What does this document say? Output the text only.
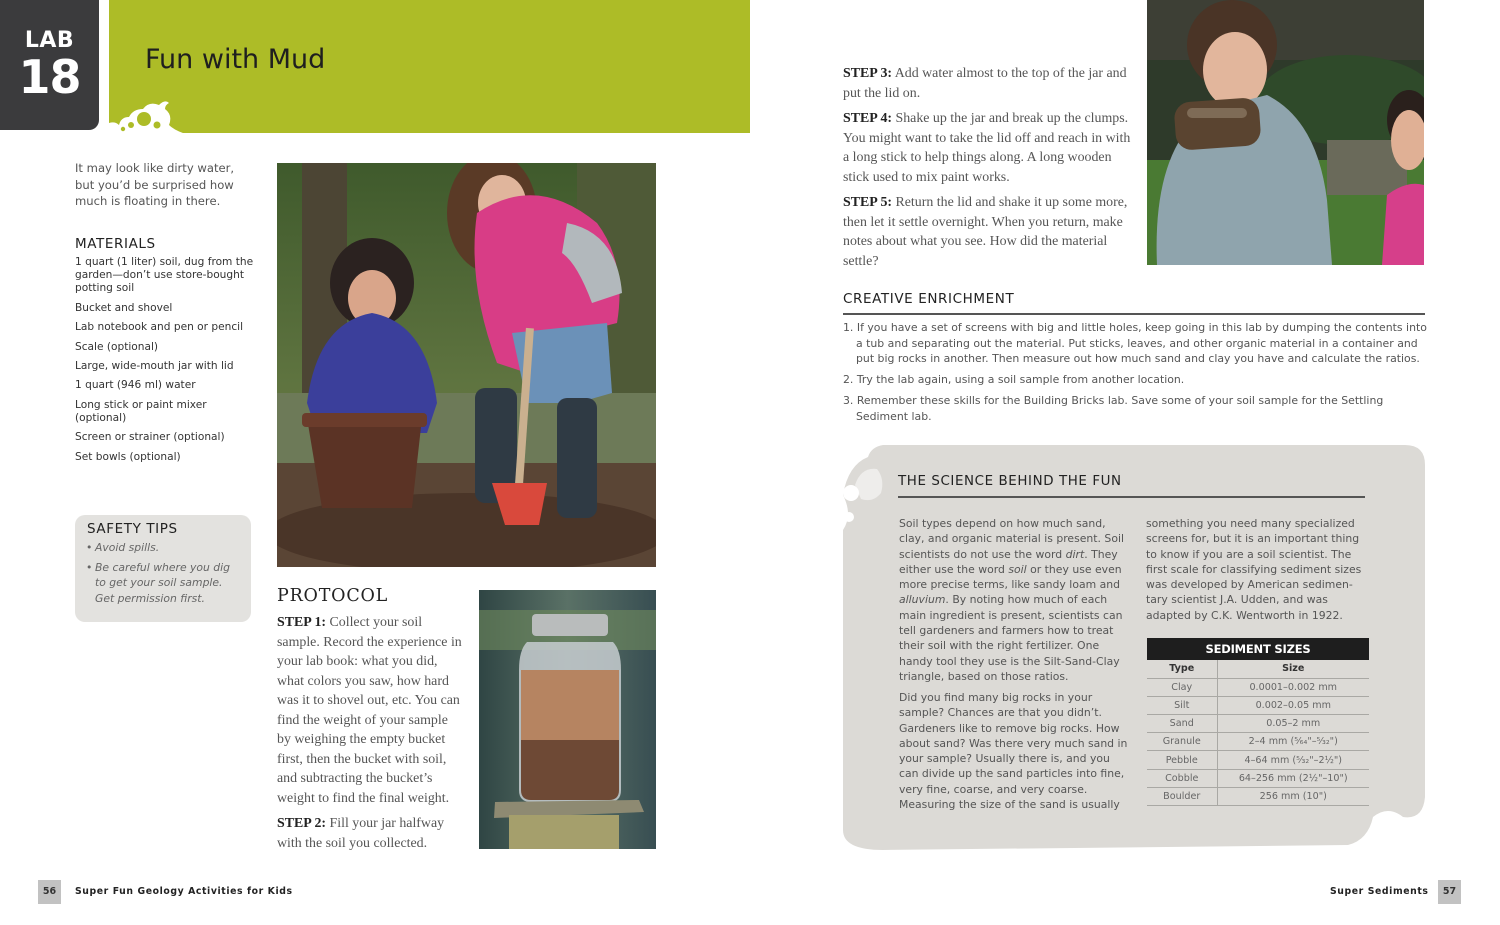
LAB
18	Fun with Mud
It may look like dirty water, but you’d be surprised how much is floating in there.
MATERIALS
1 quart (1 liter) soil, dug from the garden—don’t use store-bought potting soil
Bucket and shovel
Lab notebook and pen or pencil
Scale (optional)
Large, wide-mouth jar with lid
1 quart (946 ml) water
Long stick or paint mixer (optional)
Screen or strainer (optional)
Set bowls (optional)
SAFETY TIPS
• Avoid spills.
• Be careful where you dig to get your soil sample. Get permission first.	PROTOCOL

STEP 1: Collect your soil sample. Record the experience in your lab book: what you did, what colors you saw, how hard was it to shovel out, etc. You can find the weight of your sample by weighing the empty bucket first, then the bucket with soil, and subtracting the bucket’s weight to find the final weight.

STEP 2: Fill your jar halfway with the soil you collected.

56	Super Fun Geology Activities for Kids

STEP 3: Add water almost to the top of the jar and put the lid on.

STEP 4: Shake up the jar and break up the clumps. You might want to take the lid off and reach in with a long stick to help things along. A long wooden stick used to mix paint works.

STEP 5: Return the lid and shake it up some more, then let it settle overnight. When you return, make notes about what you see. How did the material settle?

CREATIVE ENRICHMENT
1. If you have a set of screens with big and little holes, keep going in this lab by dumping the contents into a tub and separating out the material. Put sticks, leaves, and other organic material in a container and put big rocks in another. Then measure out how much sand and clay you have and calculate the ratios.
2. Try the lab again, using a soil sample from another location.
3. Remember these skills for the Building Bricks lab. Save some of your soil sample for the Settling Sediment lab.
THE SCIENCE BEHIND THE FUN

Soil types depend on how much sand, clay, and organic material is present. Soil scientists do not use the word dirt. They either use the word soil or they use even more precise terms, like sandy loam and alluvium. By noting how much of each main ingredient is present, scientists can tell gardeners and farmers how to treat their soil with the right fertilizer. One handy tool they use is the Silt-Sand-Clay triangle, based on those ratios.

Did you find many big rocks in your sample? Chances are that you didn’t. Gardeners like to remove big rocks. How about sand? Was there very much sand in your sample? Usually there is, and you can divide up the sand particles into fine, very fine, coarse, and very coarse. Measuring the size of the sand is usually

something you need many specialized screens for, but it is an important thing to know if you are a soil scientist. The first scale for classifying sediment sizes was developed by American sedimen-tary scientist J.A. Udden, and was adapted by C.K. Wentworth in 1922.

SEDIMENT SIZES
Type	Size
Clay	0.0001–0.002 mm
Silt	0.002–0.05 mm
Sand	0.05–2 mm
Granule	2–4 mm (⁵⁄₆₄"–⁵⁄₃₂")
Pebble	4–64 mm (⁵⁄₃₂"–2½")
Cobble	64–256 mm (2½"–10")
Boulder	256 mm (10")
Super Sediments	57
